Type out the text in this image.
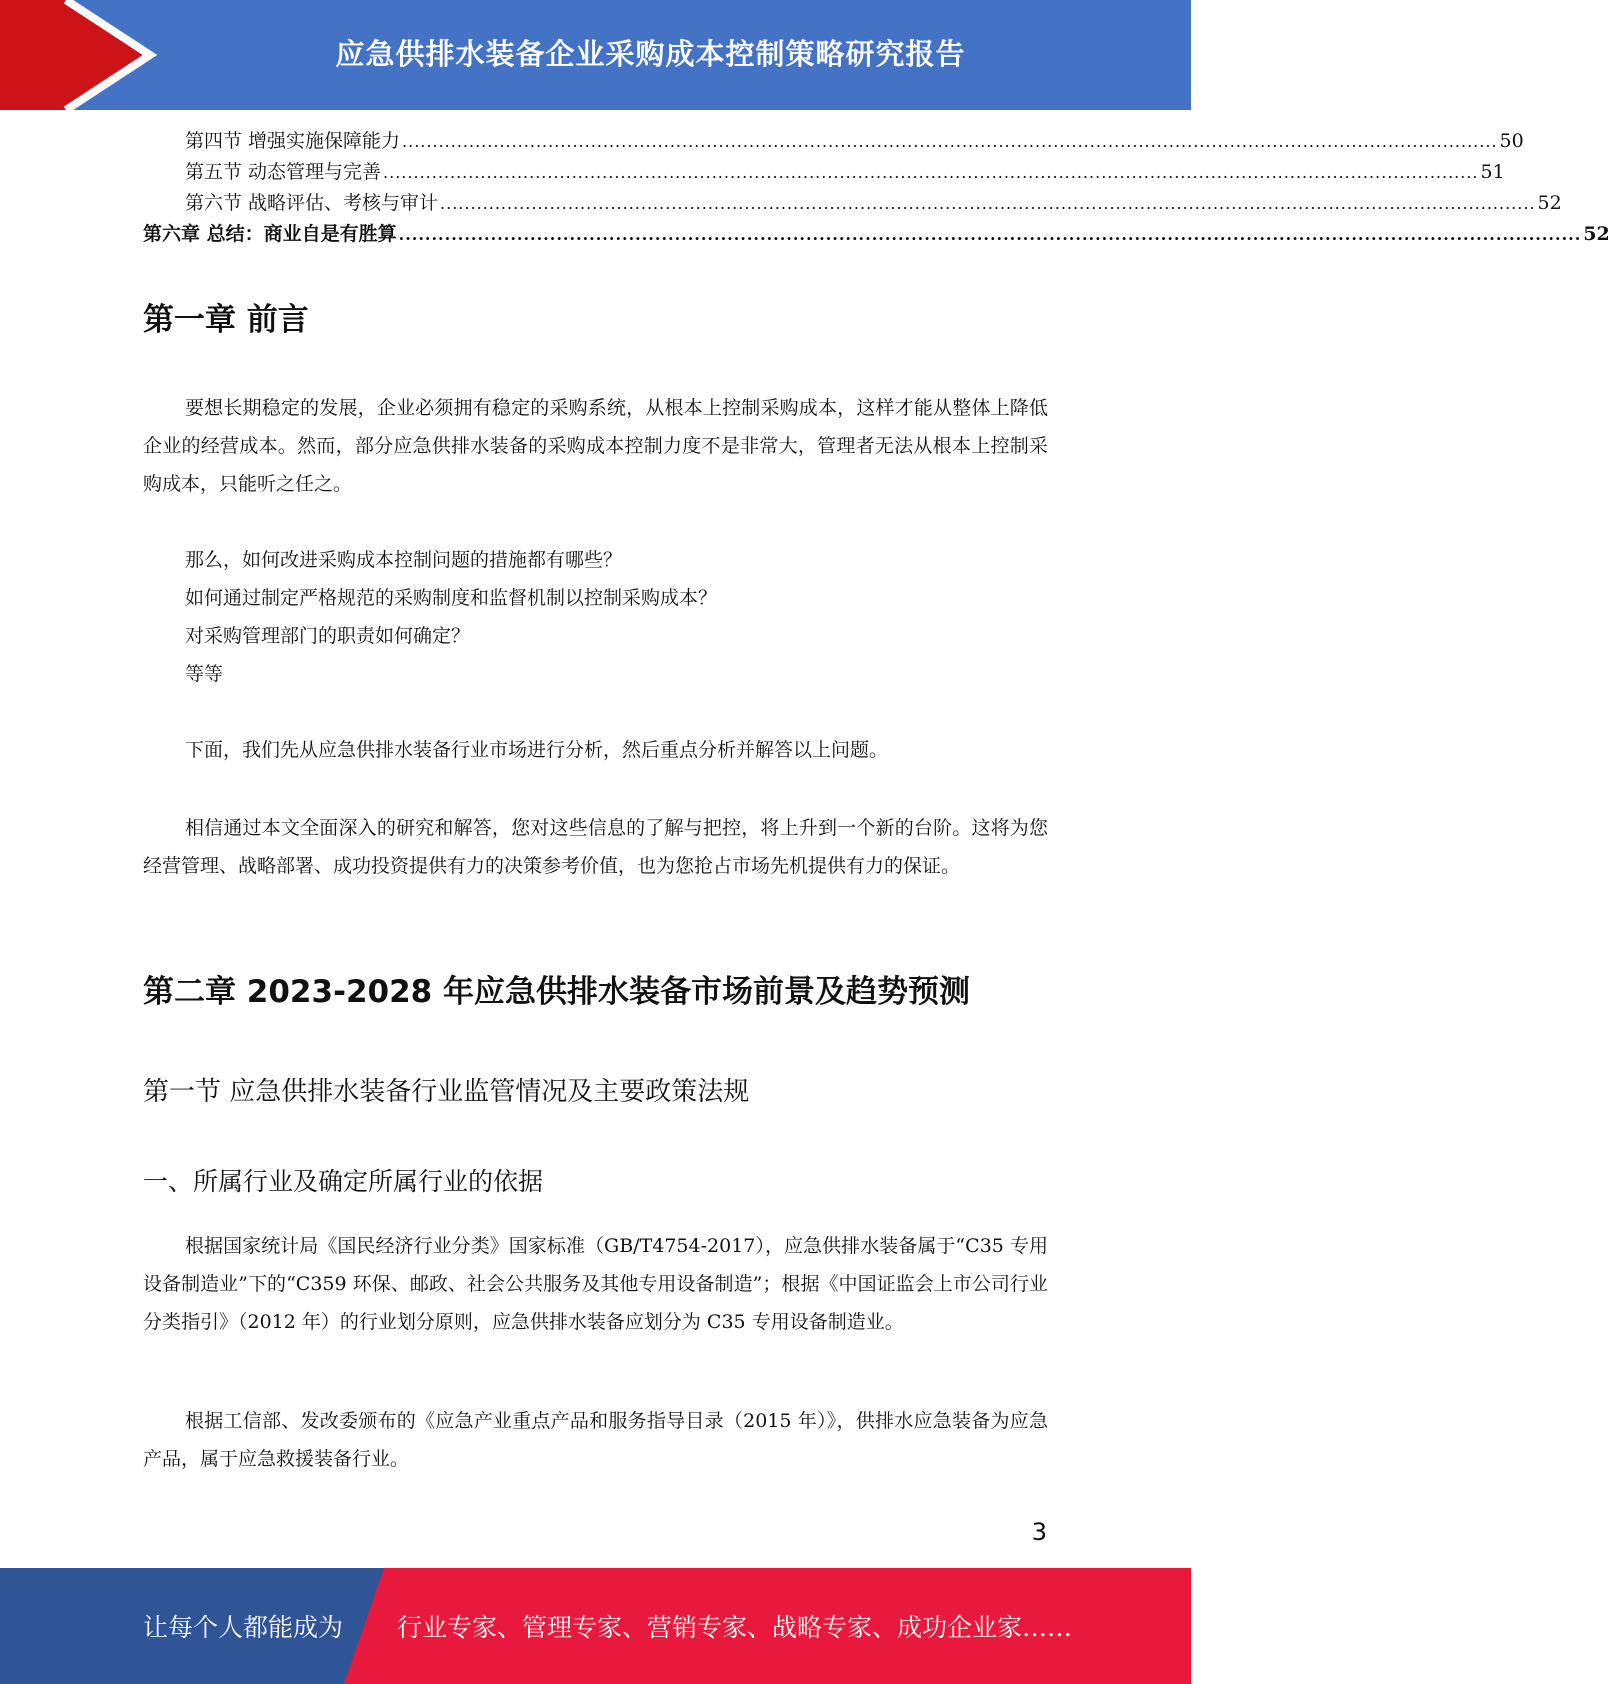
应急供排水装备企业采购成本控制策略研究报告
第四节 增强实施保障能力 .................................................................................................................................................................................... 50
第五节 动态管理与完善 .................................................................................................................................................................................... 51
第六节 战略评估、考核与审计 .................................................................................................................................................................................... 52
第六章 总结：商业自是有胜算 .................................................................................................................................................................................... 52
第一章 前言

要想长期稳定的发展，企业必须拥有稳定的采购系统，从根本上控制采购成本，这样才能从整体上降低企业的经营成本。然而，部分应急供排水装备的采购成本控制力度不是非常大，管理者无法从根本上控制采购成本，只能听之任之。

那么，如何改进采购成本控制问题的措施都有哪些？

如何通过制定严格规范的采购制度和监督机制以控制采购成本？

对采购管理部门的职责如何确定？

等等

下面，我们先从应急供排水装备行业市场进行分析，然后重点分析并解答以上问题。

相信通过本文全面深入的研究和解答，您对这些信息的了解与把控，将上升到一个新的台阶。这将为您经营管理、战略部署、成功投资提供有力的决策参考价值，也为您抢占市场先机提供有力的保证。

第二章 2023-2028 年应急供排水装备市场前景及趋势预测
第一节 应急供排水装备行业监管情况及主要政策法规
一、所属行业及确定所属行业的依据

根据国家统计局《国民经济行业分类》国家标准（GB/T4754-2017），应急供排水装备属于“C35 专用设备制造业”下的“C359 环保、邮政、社会公共服务及其他专用设备制造”；根据《中国证监会上市公司行业分类指引》（2012 年）的行业划分原则，应急供排水装备应划分为 C35 专用设备制造业。

根据工信部、发改委颁布的《应急产业重点产品和服务指导目录（2015 年）》，供排水应急装备为应急产品，属于应急救援装备行业。

3
让每个人都能成为 行业专家、管理专家、营销专家、战略专家、成功企业家……
